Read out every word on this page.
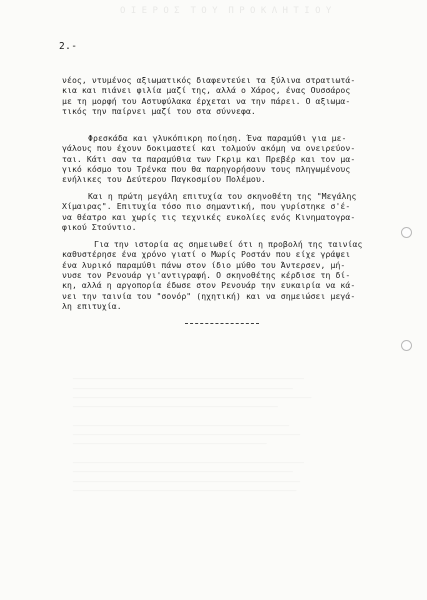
Ο Ι Ε Ρ Ο Σ  Τ Ο Υ  Π Ρ Ο Κ Λ Η Τ Ι Ο Υ

──────────────────────────────────────────────────────────────
───────────────────────────────────────────────────────────
────────────────────────────────────────────────────────────────
───────────────────────────────────────────────────────

──────────────────────────────────────────────────────────
─────────────────────────────────────────────────────────────
────────────────────────────────────────────────────

──────────────────────────────────────────────────────────────
───────────────────────────────────────────────────────────
─────────────────────────────────────────────────────────────
────────────────────────────────────────────────────────────

2.-
νέος, ντυμένος αξιωματικός διαφεντεύει τα ξύλινα στρατιωτά-
κια και πιάνει φιλία μαζί της, αλλά ο Χάρος, ένας Ουσσάρος
με τη μορφή του Αστυφύλακα έρχεται να την πάρει. Ο αξιωμα-
τικός την παίρνει μαζί του στα σύννεφα.
Φρεσκάδα και γλυκόπικρη ποίηση. Ένα παραμύθι για με-
γάλους που έχουν δοκιμαστεί και τολμούν ακόμη να ονειρεύον-
ται. Κάτι σαν τα παραμύθια των Γκριμ και Πρεβέρ και τον μα-
γικό κόσμο του Τρένκα που θα παρηγορήσουν τους πληγωμένους
ενήλικες του Δεύτερου Παγκοσμίου Πολέμου.
Και η πρώτη μεγάλη επιτυχία του σκηνοθέτη της "Μεγάλης
Χίμαιρας". Επιτυχία τόσο πιο σημαντική, που γυρίστηκε σ'έ-
να θέατρο και χωρίς τις τεχνικές ευκολίες ενός Κινηματογρα-
φικού Στούντιο.
Για την ιστορία ας σημειωθεί ότι η προβολή της ταινίας
καθυστέρησε ένα χρόνο γιατί ο Μωρίς Ροστάν που είχε γράψει
ένα λυρικό παραμύθι πάνω στον ίδιο μύθο του Άντερσεν, μή-
νυσε τον Ρενουάρ γι'αντιγραφή. Ο σκηνοθέτης κέρδισε τη δί-
κη, αλλά η αργοπορία έδωσε στον Ρενουάρ την ευκαιρία να κά-
νει την ταινία του "σονόρ" (ηχητική) και να σημειώσει μεγά-
λη επιτυχία.
